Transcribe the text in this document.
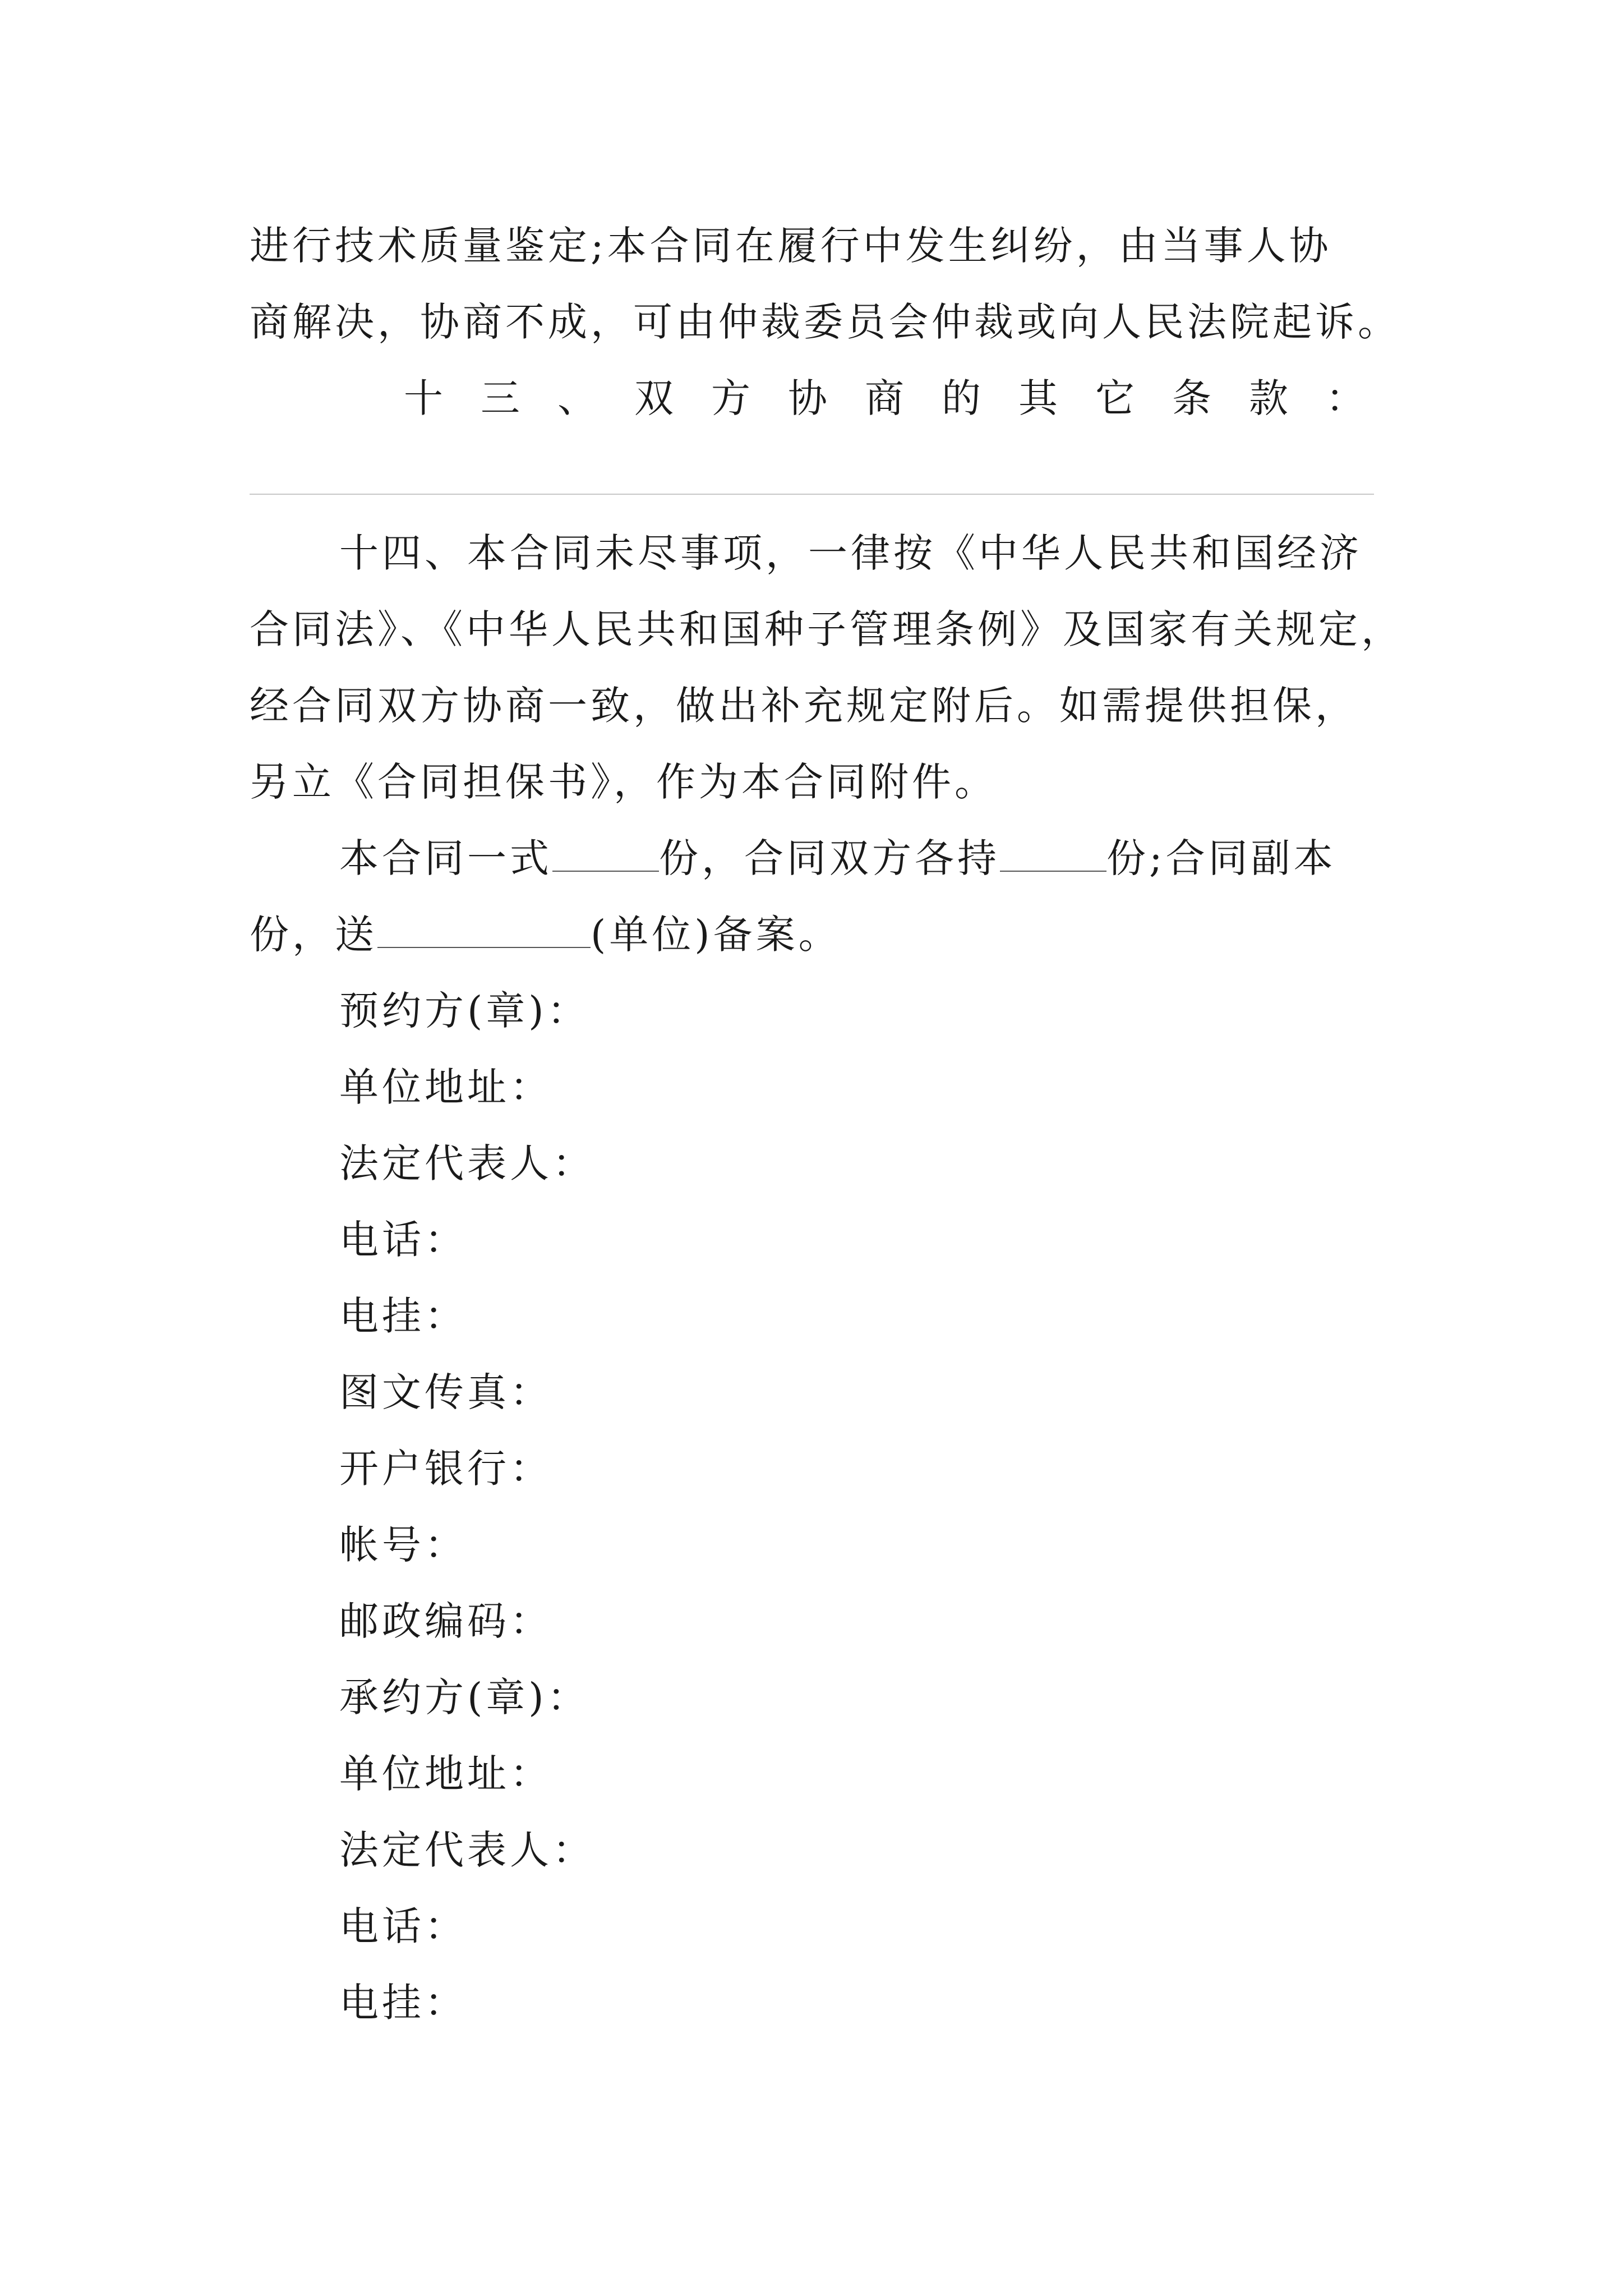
进行技术质量鉴定;本合同在履行中发生纠纷，由当事人协
商解决，协商不成，可由仲裁委员会仲裁或向人民法院起诉。
十 三 、 双 方 协 商 的 其 它 条 款 ：
十四、本合同未尽事项，一律按《中华人民共和国经济
合同法》、《中华人民共和国种子管理条例》及国家有关规定，
经合同双方协商一致，做出补充规定附后。如需提供担保，
另立《合同担保书》，作为本合同附件。
本合同一式	份，合同双方各持	份;合同副本
份，送	(单位)备案。
预约方(章)：
单位地址：
法定代表人：
电话：
电挂：
图文传真：
开户银行：
帐号：
邮政编码：
承约方(章)：
单位地址：
法定代表人：
电话：
电挂：
